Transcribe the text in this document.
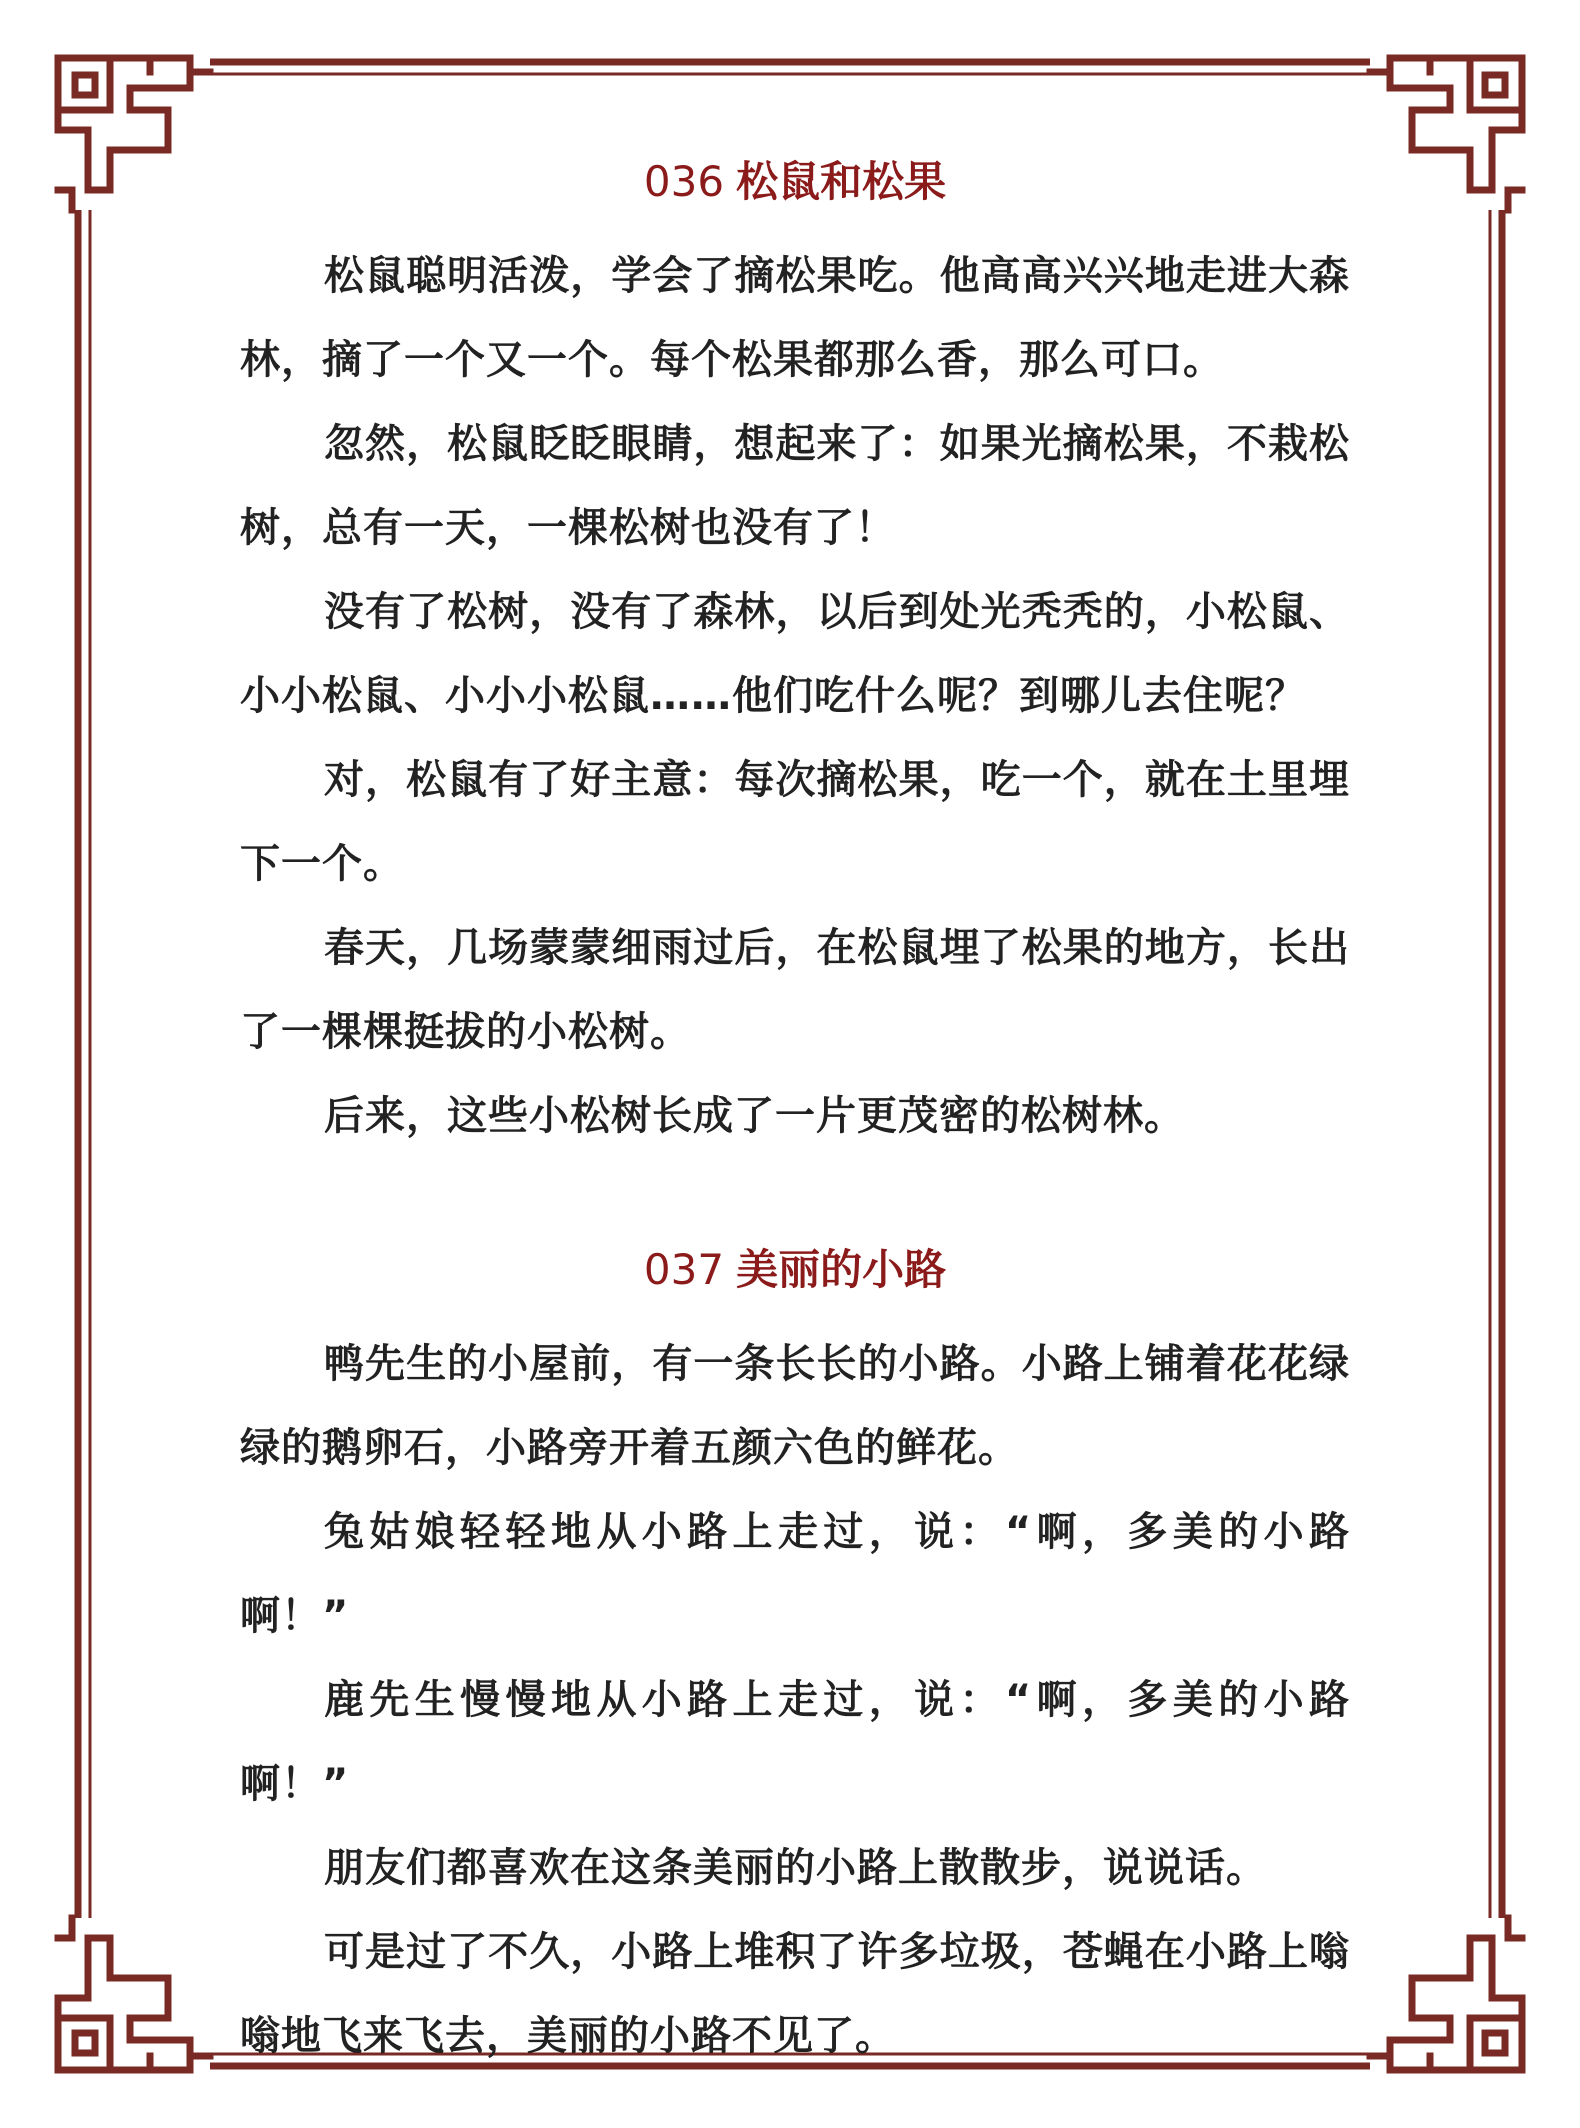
036 松鼠和松果

松鼠聪明活泼，学会了摘松果吃。他高高兴兴地走进大森林，摘了一个又一个。每个松果都那么香，那么可口。

忽然，松鼠眨眨眼睛，想起来了：如果光摘松果，不栽松树，总有一天，一棵松树也没有了！

没有了松树，没有了森林，以后到处光秃秃的，小松鼠、小小松鼠、小小小松鼠……他们吃什么呢？到哪儿去住呢？

对，松鼠有了好主意：每次摘松果，吃一个，就在土里埋下一个。

春天，几场蒙蒙细雨过后，在松鼠埋了松果的地方，长出了一棵棵挺拔的小松树。

后来，这些小松树长成了一片更茂密的松树林。

037 美丽的小路

鸭先生的小屋前，有一条长长的小路。小路上铺着花花绿绿的鹅卵石，小路旁开着五颜六色的鲜花。

兔姑娘轻轻地从小路上走过，说：“啊，多美的小路啊！”

鹿先生慢慢地从小路上走过，说：“啊，多美的小路啊！”

朋友们都喜欢在这条美丽的小路上散散步，说说话。

可是过了不久，小路上堆积了许多垃圾，苍蝇在小路上嗡嗡地飞来飞去，美丽的小路不见了。
